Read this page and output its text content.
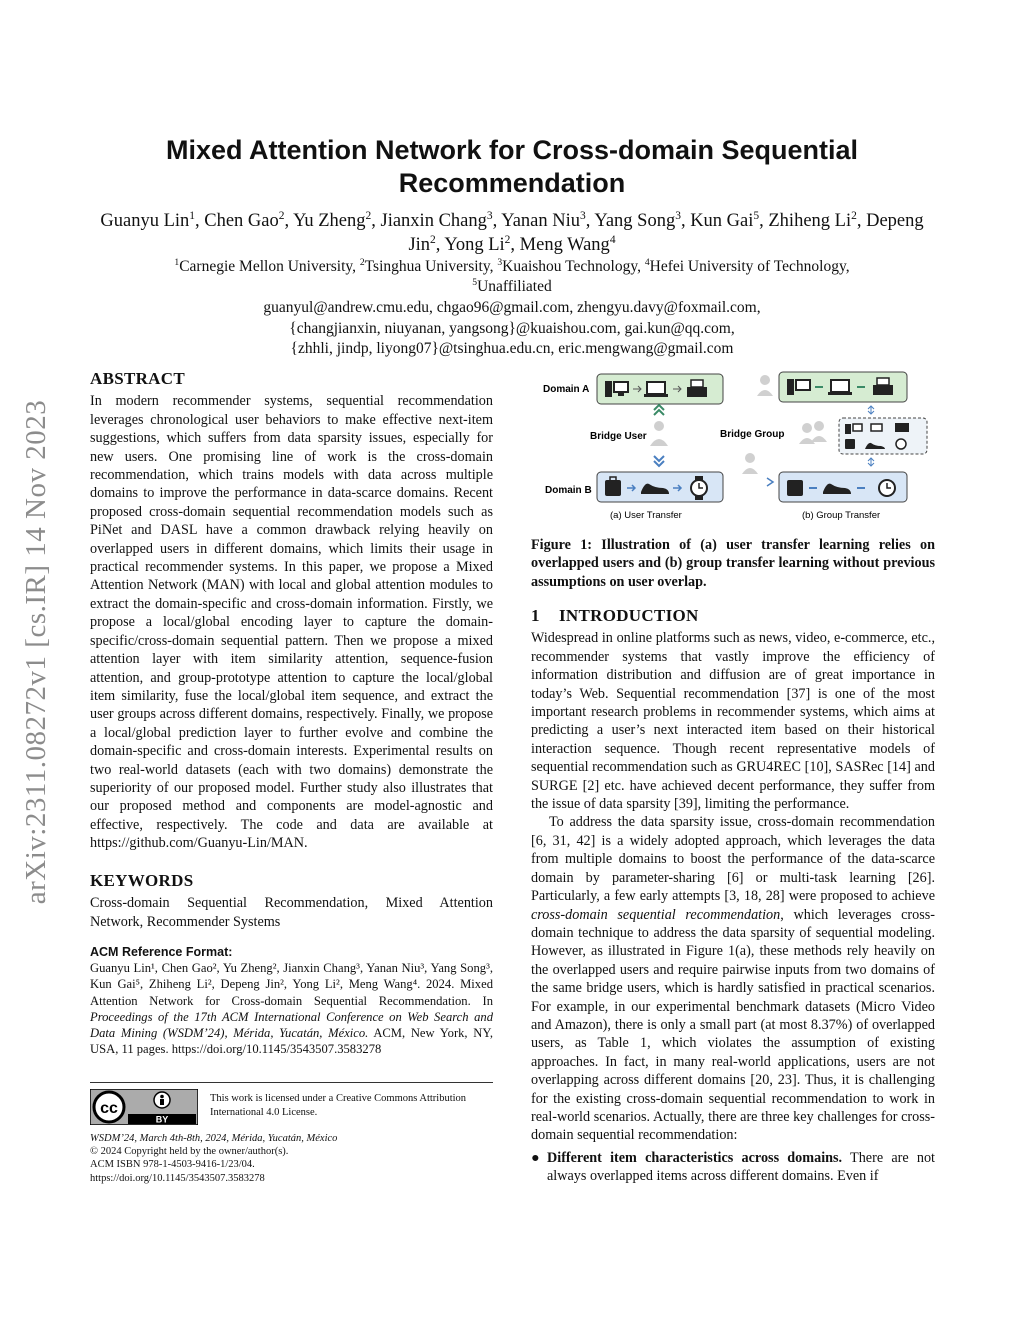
arXiv:2311.08272v1 [cs.IR] 14 Nov 2023
Mixed Attention Network for Cross-domain Sequential
Recommendation
Guanyu Lin$^1$, Chen Gao$^2$, Yu Zheng$^2$, Jianxin Chang$^3$, Yanan Niu$^3$, Yang Song$^3$, Kun Gai$^5$, Zhiheng Li$^2$, Depeng Jin$^2$, Yong Li$^2$, Meng Wang$^4$
$^1$Carnegie Mellon University, $^2$Tsinghua University, $^3$Kuaishou Technology, $^4$Hefei University of Technology,
$^5$Unaffiliated
guanyul@andrew.cmu.edu, chgao96@gmail.com, zhengyu.davy@foxmail.com,
{changjianxin, niuyanan, yangsong}@kuaishou.com, gai.kun@qq.com,
{zhhli, jindp, liyong07}@tsinghua.edu.cn, eric.mengwang@gmail.com
ABSTRACT

In modern recommender systems, sequential recommendation leverages chronological user behaviors to make effective next-item suggestions, which suffers from data sparsity issues, especially for new users. One promising line of work is the cross-domain recommendation, which trains models with data across multiple domains to improve the performance in data-scarce domains. Recent proposed cross-domain sequential recommendation models such as PiNet and DASL have a common drawback relying heavily on overlapped users in different domains, which limits their usage in practical recommender systems. In this paper, we propose a Mixed Attention Network (MAN) with local and global attention modules to extract the domain-specific and cross-domain information. Firstly, we propose a local/global encoding layer to capture the domain-specific/cross-domain sequential pattern. Then we propose a mixed attention layer with item similarity attention, sequence-fusion attention, and group-prototype attention to capture the local/global item similarity, fuse the local/global item sequence, and extract the user groups across different domains, respectively. Finally, we propose a local/global prediction layer to further evolve and combine the domain-specific and cross-domain interests. Experimental results on two real-world datasets (each with two domains) demonstrate the superiority of our proposed model. Further study also illustrates that our proposed method and components are model-agnostic and effective, respectively. The code and data are available at https://github.com/Guanyu-Lin/MAN.

KEYWORDS

Cross-domain Sequential Recommendation, Mixed Attention Network, Recommender Systems

ACM Reference Format:

Guanyu Lin¹, Chen Gao², Yu Zheng², Jianxin Chang³, Yanan Niu³, Yang Song³, Kun Gai⁵, Zhiheng Li², Depeng Jin², Yong Li², Meng Wang⁴. 2024. Mixed Attention Network for Cross-domain Sequential Recommendation. In Proceedings of the 17th ACM International Conference on Web Search and Data Mining (WSDM’24), Mérida, Yucatán, México. ACM, New York, NY, USA, 11 pages. https://doi.org/10.1145/3543507.3583278

cc
BY
This work is licensed under a Creative Commons Attribution International 4.0 License.
WSDM’24, March 4th-8th, 2024, Mérida, Yucatán, México
© 2024 Copyright held by the owner/author(s).
ACM ISBN 978-1-4503-9416-1/23/04.
https://doi.org/10.1145/3543507.3583278
Domain A
Domain B
Bridge User
(a) User Transfer
Bridge Group
(b) Group Transfer
Figure 1: Illustration of (a) user transfer learning relies on overlapped users and (b) group transfer learning without previous assumptions on user overlap.
1 INTRODUCTION

Widespread in online platforms such as news, video, e-commerce, etc., recommender systems that vastly improve the efficiency of information distribution and diffusion are of great importance in today’s Web. Sequential recommendation [37] is one of the most important research problems in recommender systems, which aims at predicting a user’s next interacted item based on their historical interaction sequence. Though recent representative models of sequential recommendation such as GRU4REC [10], SASRec [14] and SURGE [2] etc. have achieved decent performance, they suffer from the issue of data sparsity [39], limiting the performance.

To address the data sparsity issue, cross-domain recommendation [6, 31, 42] is a widely adopted approach, which leverages the data from multiple domains to boost the performance of the data-scarce domain by parameter-sharing [6] or multi-task learning [26]. Particularly, a few early attempts [3, 18, 28] were proposed to achieve cross-domain sequential recommendation, which leverages cross-domain technique to address the data sparsity of sequential modeling. However, as illustrated in Figure 1(a), these methods rely heavily on the overlapped users and require pairwise inputs from two domains of the same bridge users, which is hardly satisfied in practical scenarios. For example, in our experimental benchmark datasets (Micro Video and Amazon), there is only a small part (at most 8.37%) of overlapped users, as Table 1, which violates the assumption of existing approaches. In fact, in many real-world applications, users are not overlapping across different domains [20, 23]. Thus, it is challenging for the existing cross-domain sequential recommendation to work in real-world scenarios. Actually, there are three key challenges for cross-domain sequential recommendation:

● Different item characteristics across domains. There are not always overlapped items across different domains. Even if
